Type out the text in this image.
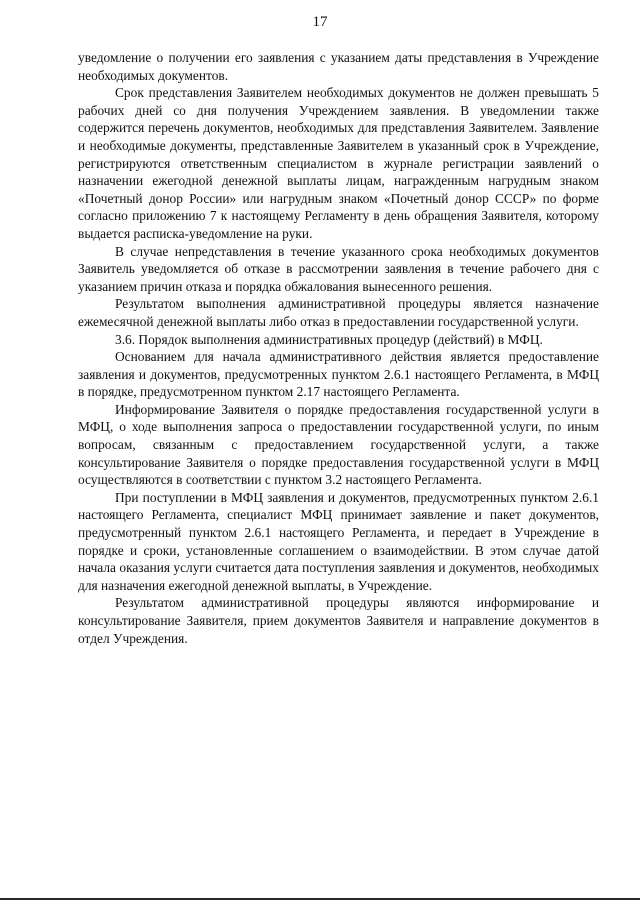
17

уведомление о получении его заявления с указанием даты представления в Учреждение необходимых документов.

Срок представления Заявителем необходимых документов не должен превышать 5 рабочих дней со дня получения Учреждением заявления. В уведомлении также содержится перечень документов, необходимых для представления Заявителем. Заявление и необходимые документы, представленные Заявителем в указанный срок в Учреждение, регистрируются ответственным специалистом в журнале регистрации заявлений о назначении ежегодной денежной выплаты лицам, награжденным нагрудным знаком «Почетный донор России» или нагрудным знаком «Почетный донор СССР» по форме согласно приложению 7 к настоящему Регламенту в день обращения Заявителя, которому выдается расписка-уведомление на руки.

В случае непредставления в течение указанного срока необходимых документов Заявитель уведомляется об отказе в рассмотрении заявления в течение рабочего дня с указанием причин отказа и порядка обжалования вынесенного решения.

Результатом выполнения административной процедуры является назначение ежемесячной денежной выплаты либо отказ в предоставлении государственной услуги.

3.6. Порядок выполнения административных процедур (действий) в МФЦ.

Основанием для начала административного действия является предоставление заявления и документов, предусмотренных пунктом 2.6.1 настоящего Регламента, в МФЦ в порядке, предусмотренном пунктом 2.17 настоящего Регламента.

Информирование Заявителя о порядке предоставления государственной услуги в МФЦ, о ходе выполнения запроса о предоставлении государственной услуги, по иным вопросам, связанным с предоставлением государственной услуги, а также консультирование Заявителя о порядке предоставления государственной услуги в МФЦ осуществляются в соответствии с пунктом 3.2 настоящего Регламента.

При поступлении в МФЦ заявления и документов, предусмотренных пунктом 2.6.1 настоящего Регламента, специалист МФЦ принимает заявление и пакет документов, предусмотренный пунктом 2.6.1 настоящего Регламента, и передает в Учреждение в порядке и сроки, установленные соглашением о взаимодействии. В этом случае датой начала оказания услуги считается дата поступления заявления и документов, необходимых для назначения ежегодной денежной выплаты, в Учреждение.

Результатом административной процедуры являются информирование и консультирование Заявителя, прием документов Заявителя и направление документов в отдел Учреждения.
